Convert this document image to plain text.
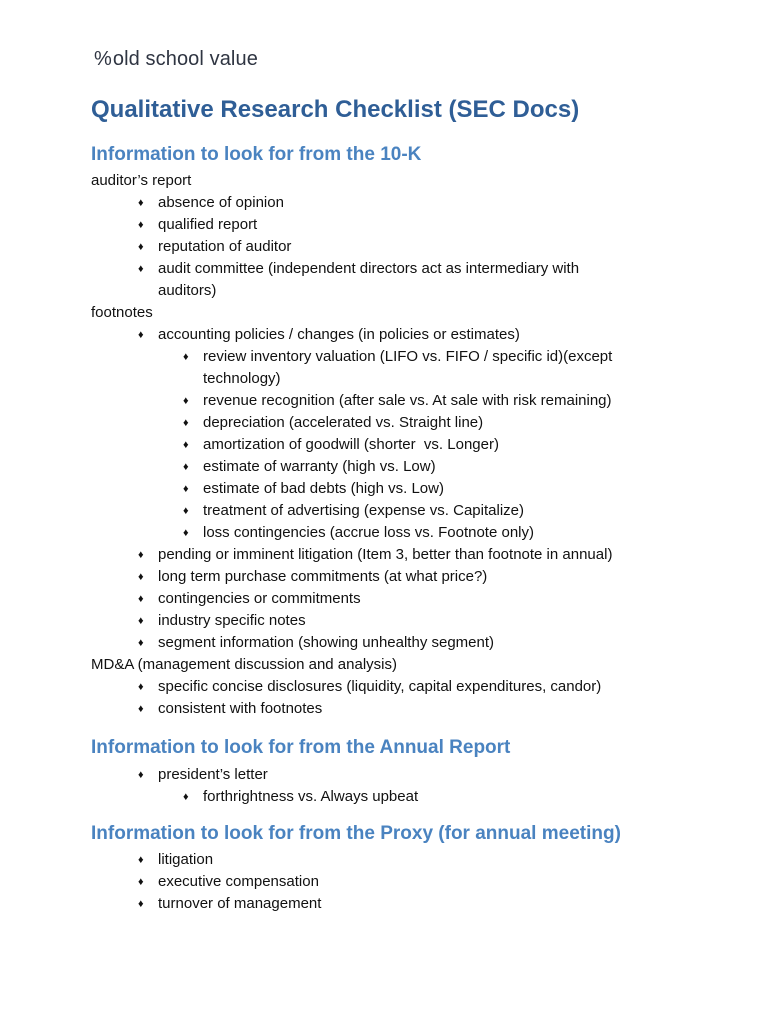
% old school value
Qualitative Research Checklist (SEC Docs)
Information to look for from the 10-K
auditor’s report
♦ absence of opinion
♦ qualified report
♦ reputation of auditor
♦ audit committee (independent directors act as intermediary with
auditors)
footnotes
♦ accounting policies / changes (in policies or estimates)
♦ review inventory valuation (LIFO vs. FIFO / specific id)(except
technology)
♦ revenue recognition (after sale vs. At sale with risk remaining)
♦ depreciation (accelerated vs. Straight line)
♦ amortization of goodwill (shorter  vs. Longer)
♦ estimate of warranty (high vs. Low)
♦ estimate of bad debts (high vs. Low)
♦ treatment of advertising (expense vs. Capitalize)
♦ loss contingencies (accrue loss vs. Footnote only)
♦ pending or imminent litigation (Item 3, better than footnote in annual)
♦ long term purchase commitments (at what price?)
♦ contingencies or commitments
♦ industry specific notes
♦ segment information (showing unhealthy segment)
MD&A (management discussion and analysis)
♦ specific concise disclosures (liquidity, capital expenditures, candor)
♦ consistent with footnotes
Information to look for from the Annual Report
♦ president’s letter
♦ forthrightness vs. Always upbeat
Information to look for from the Proxy (for annual meeting)
♦ litigation
♦ executive compensation
♦ turnover of management
